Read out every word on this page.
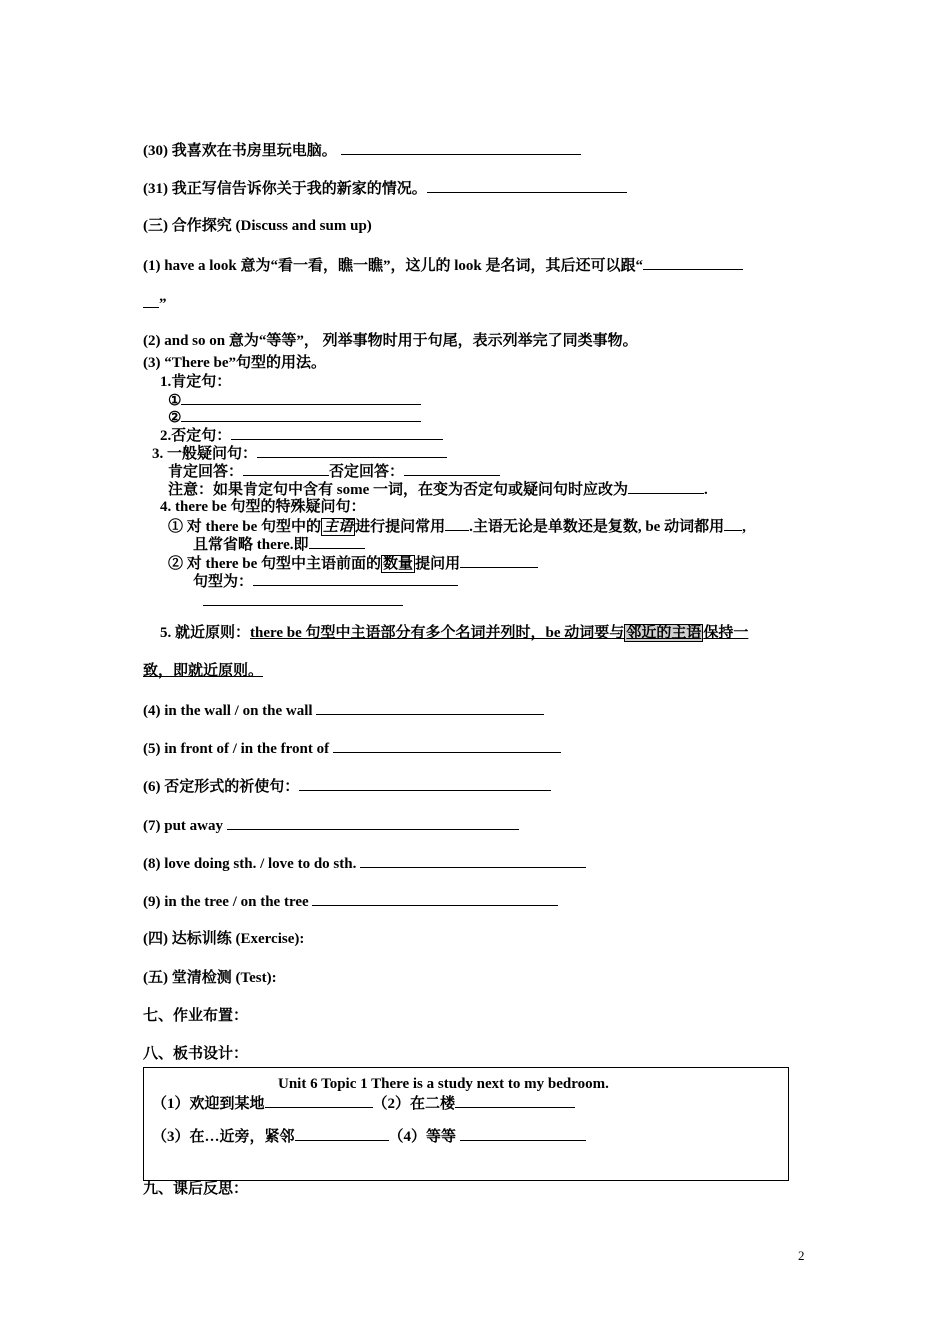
(30) 我喜欢在书房里玩电脑。
(31) 我正写信告诉你关于我的新家的情况。
(三) 合作探究 (Discuss and sum up)
(1) have a look 意为“看一看，瞧一瞧”，这儿的 look 是名词，其后还可以跟“
”
(2) and so on 意为“等等”， 列举事物时用于句尾，表示列举完了同类事物。
(3) “There be”句型的用法。
1.肯定句：
①
②
2.否定句：
3. 一般疑问句：
肯定回答：	否定回答：
注意：如果肯定句中含有 some 一词，在变为否定句或疑问句时应改为	.
4. there be 句型的特殊疑问句：
① 对 there be 句型中的 主语 进行提问常用 .主语无论是单数还是复数, be 动词都用 ,
且常省略 there.即
② 对 there be 句型中主语前面的 数量 提问用
句型为：
5. 就近原则：there be 句型中主语部分有多个名词并列时，be 动词要与 邻近的主语 保持一
致，即就近原则。
(4) in the wall / on the wall
(5) in front of / in the front of
(6) 否定形式的祈使句：
(7) put away
(8) love doing sth. / love to do sth.
(9) in the tree / on the tree
(四) 达标训练 (Exercise):
(五) 堂清检测 (Test):
七、作业布置：
八、板书设计：
Unit 6 Topic 1 There is a study next to my bedroom.
（1）欢迎到某地	（2）在二楼
（3）在…近旁，紧邻	（4）等等
九、课后反思：
2
